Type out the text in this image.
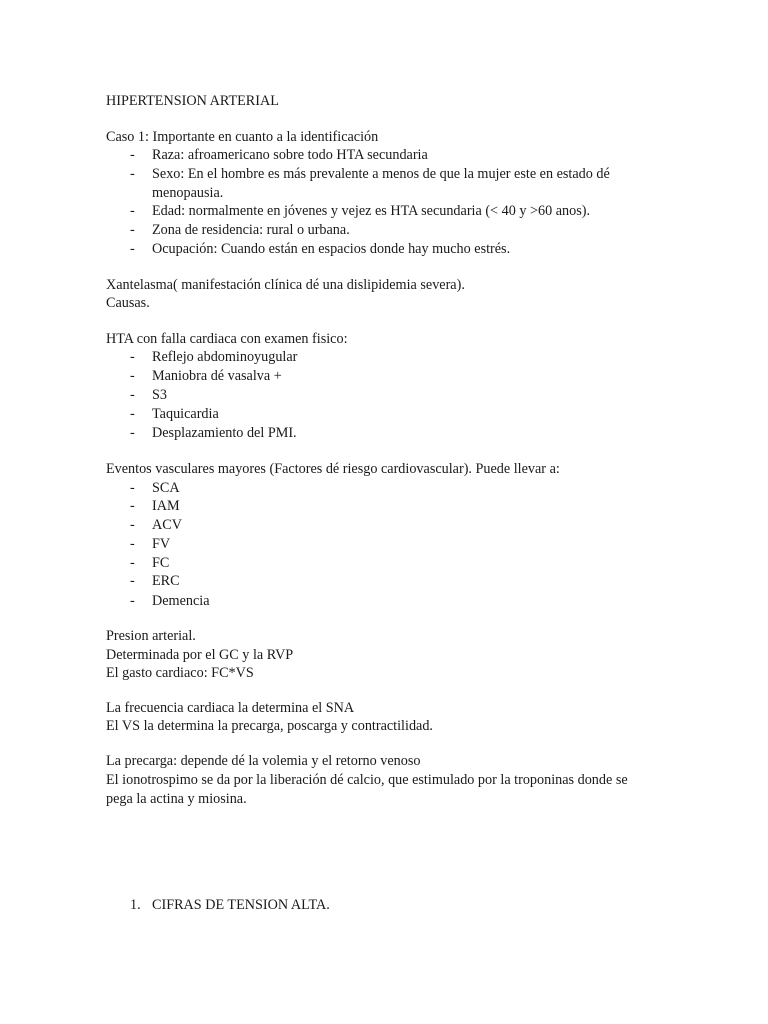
HIPERTENSION ARTERIAL
Caso 1: Importante en cuanto a la identificación
- Raza: afroamericano sobre todo HTA secundaria
- Sexo: En el hombre es más prevalente a menos de que la mujer este en estado dé
menopausia.
- Edad: normalmente en jóvenes y vejez es HTA secundaria (< 40 y >60 anos).
- Zona de residencia: rural o urbana.
- Ocupación: Cuando están en espacios donde hay mucho estrés.
Xantelasma( manifestación clínica dé una dislipidemia severa).
Causas.
HTA con falla cardiaca con examen fisico:
- Reflejo abdominoyugular
- Maniobra dé vasalva +
- S3
- Taquicardia
- Desplazamiento del PMI.
Eventos vasculares mayores (Factores dé riesgo cardiovascular). Puede llevar a:
- SCA
- IAM
- ACV
- FV
- FC
- ERC
- Demencia
Presion arterial.
Determinada por el GC y la RVP
El gasto cardiaco: FC*VS
La frecuencia cardiaca la determina el SNA
El VS la determina la precarga, poscarga y contractilidad.
La precarga: depende dé la volemia y el retorno venoso
El ionotrospimo se da por la liberación dé calcio, que estimulado por la troponinas donde se
pega la actina y miosina.
1. CIFRAS DE TENSION ALTA.
